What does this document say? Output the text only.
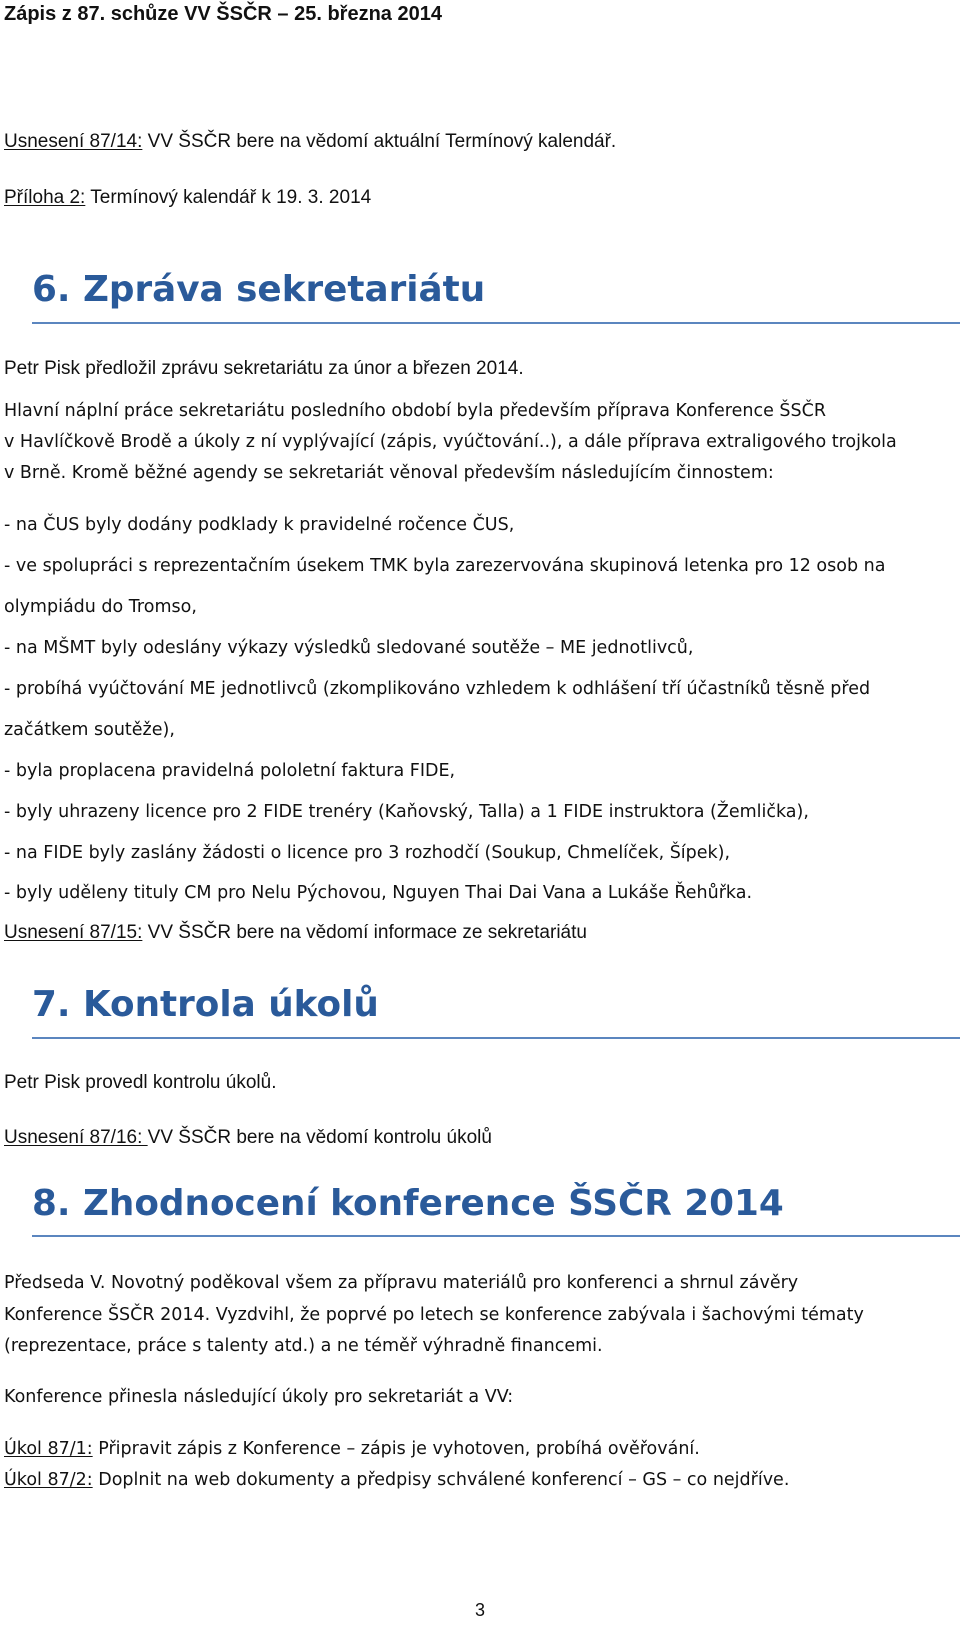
Zápis z 87. schůze VV ŠSČR – 25. března 2014
Usnesení 87/14: VV ŠSČR bere na vědomí aktuální Termínový kalendář.
Příloha 2: Termínový kalendář k 19. 3. 2014
6. Zpráva sekretariátu
Petr Pisk předložil zprávu sekretariátu za únor a březen 2014.
Hlavní náplní práce sekretariátu posledního období byla především příprava Konference ŠSČR
v Havlíčkově Brodě a úkoly z ní vyplývající (zápis, vyúčtování..), a dále příprava extraligového trojkola
v Brně. Kromě běžné agendy se sekretariát věnoval především následujícím činnostem:
- na ČUS byly dodány podklady k pravidelné ročence ČUS,
- ve spolupráci s reprezentačním úsekem TMK byla zarezervována skupinová letenka pro 12 osob na
olympiádu do Tromso,
- na MŠMT byly odeslány výkazy výsledků sledované soutěže – ME jednotlivců,
- probíhá vyúčtování ME jednotlivců (zkomplikováno vzhledem k odhlášení tří účastníků těsně před
začátkem soutěže),
- byla proplacena pravidelná pololetní faktura FIDE,
- byly uhrazeny licence pro 2 FIDE trenéry (Kaňovský, Talla) a 1 FIDE instruktora (Žemlička),
- na FIDE byly zaslány žádosti o licence pro 3 rozhodčí (Soukup, Chmelíček, Šípek),
- byly uděleny tituly CM pro Nelu Pýchovou, Nguyen Thai Dai Vana a Lukáše Řehůřka.
Usnesení 87/15: VV ŠSČR bere na vědomí informace ze sekretariátu
7. Kontrola úkolů
Petr Pisk provedl kontrolu úkolů.
Usnesení 87/16: VV ŠSČR bere na vědomí kontrolu úkolů
8. Zhodnocení konference ŠSČR 2014
Předseda V. Novotný poděkoval všem za přípravu materiálů pro konferenci a shrnul závěry
Konference ŠSČR 2014. Vyzdvihl, že poprvé po letech se konference zabývala i šachovými tématy
(reprezentace, práce s talenty atd.) a ne téměř výhradně financemi.
Konference přinesla následující úkoly pro sekretariát a VV:
Úkol 87/1: Připravit zápis z Konference – zápis je vyhotoven, probíhá ověřování.
Úkol 87/2: Doplnit na web dokumenty a předpisy schválené konferencí – GS – co nejdříve.
3
